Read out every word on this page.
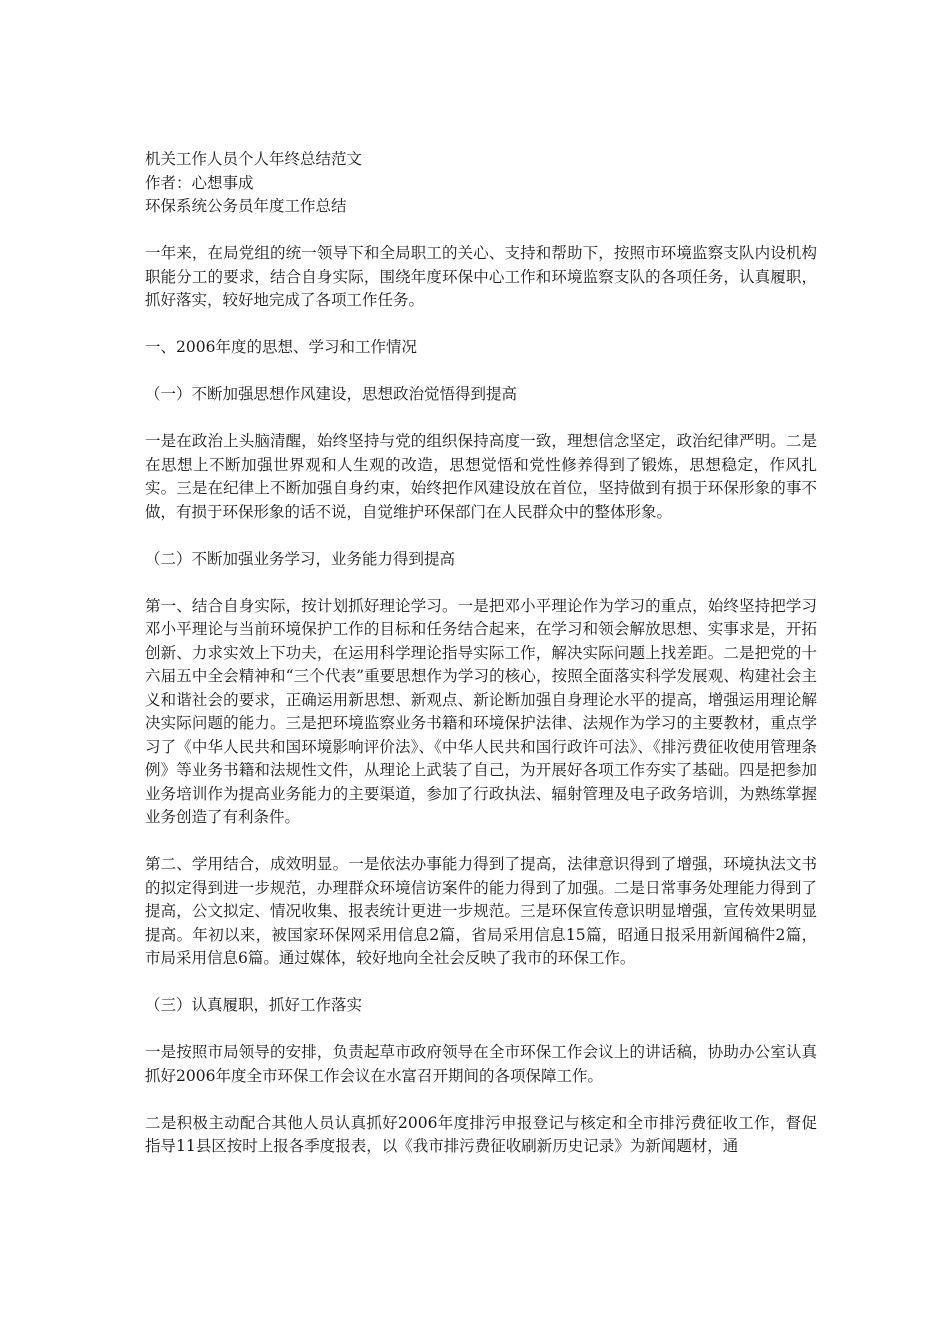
机关工作人员个人年终总结范文

作者：心想事成

环保系统公务员年度工作总结

一年来，在局党组的统一领导下和全局职工的关心、支持和帮助下，按照市环境监察支队内设机构职能分工的要求，结合自身实际，围绕年度环保中心工作和环境监察支队的各项任务，认真履职，抓好落实，较好地完成了各项工作任务。

一、2006年度的思想、学习和工作情况

（一）不断加强思想作风建设，思想政治觉悟得到提高

一是在政治上头脑清醒，始终坚持与党的组织保持高度一致，理想信念坚定，政治纪律严明。二是在思想上不断加强世界观和人生观的改造，思想觉悟和党性修养得到了锻炼，思想稳定，作风扎实。三是在纪律上不断加强自身约束，始终把作风建设放在首位，坚持做到有损于环保形象的事不做，有损于环保形象的话不说，自觉维护环保部门在人民群众中的整体形象。

（二）不断加强业务学习，业务能力得到提高

第一、结合自身实际，按计划抓好理论学习。一是把邓小平理论作为学习的重点，始终坚持把学习邓小平理论与当前环境保护工作的目标和任务结合起来，在学习和领会解放思想、实事求是，开拓创新、力求实效上下功夫，在运用科学理论指导实际工作，解决实际问题上找差距。二是把党的十六届五中全会精神和“三个代表”重要思想作为学习的核心，按照全面落实科学发展观、构建社会主义和谐社会的要求，正确运用新思想、新观点、新论断加强自身理论水平的提高，增强运用理论解决实际问题的能力。三是把环境监察业务书籍和环境保护法律、法规作为学习的主要教材，重点学习了《中华人民共和国环境影响评价法》、《中华人民共和国行政许可法》、《排污费征收使用管理条例》等业务书籍和法规性文件，从理论上武装了自己，为开展好各项工作夯实了基础。四是把参加业务培训作为提高业务能力的主要渠道，参加了行政执法、辐射管理及电子政务培训，为熟练掌握业务创造了有利条件。

第二、学用结合，成效明显。一是依法办事能力得到了提高，法律意识得到了增强，环境执法文书的拟定得到进一步规范，办理群众环境信访案件的能力得到了加强。二是日常事务处理能力得到了提高，公文拟定、情况收集、报表统计更进一步规范。三是环保宣传意识明显增强，宣传效果明显提高。年初以来，被国家环保网采用信息2篇，省局采用信息15篇，昭通日报采用新闻稿件2篇，市局采用信息6篇。通过媒体，较好地向全社会反映了我市的环保工作。

（三）认真履职，抓好工作落实

一是按照市局领导的安排，负责起草市政府领导在全市环保工作会议上的讲话稿，协助办公室认真抓好2006年度全市环保工作会议在水富召开期间的各项保障工作。

二是积极主动配合其他人员认真抓好2006年度排污申报登记与核定和全市排污费征收工作，督促指导11县区按时上报各季度报表，以《我市排污费征收刷新历史记录》为新闻题材，通
